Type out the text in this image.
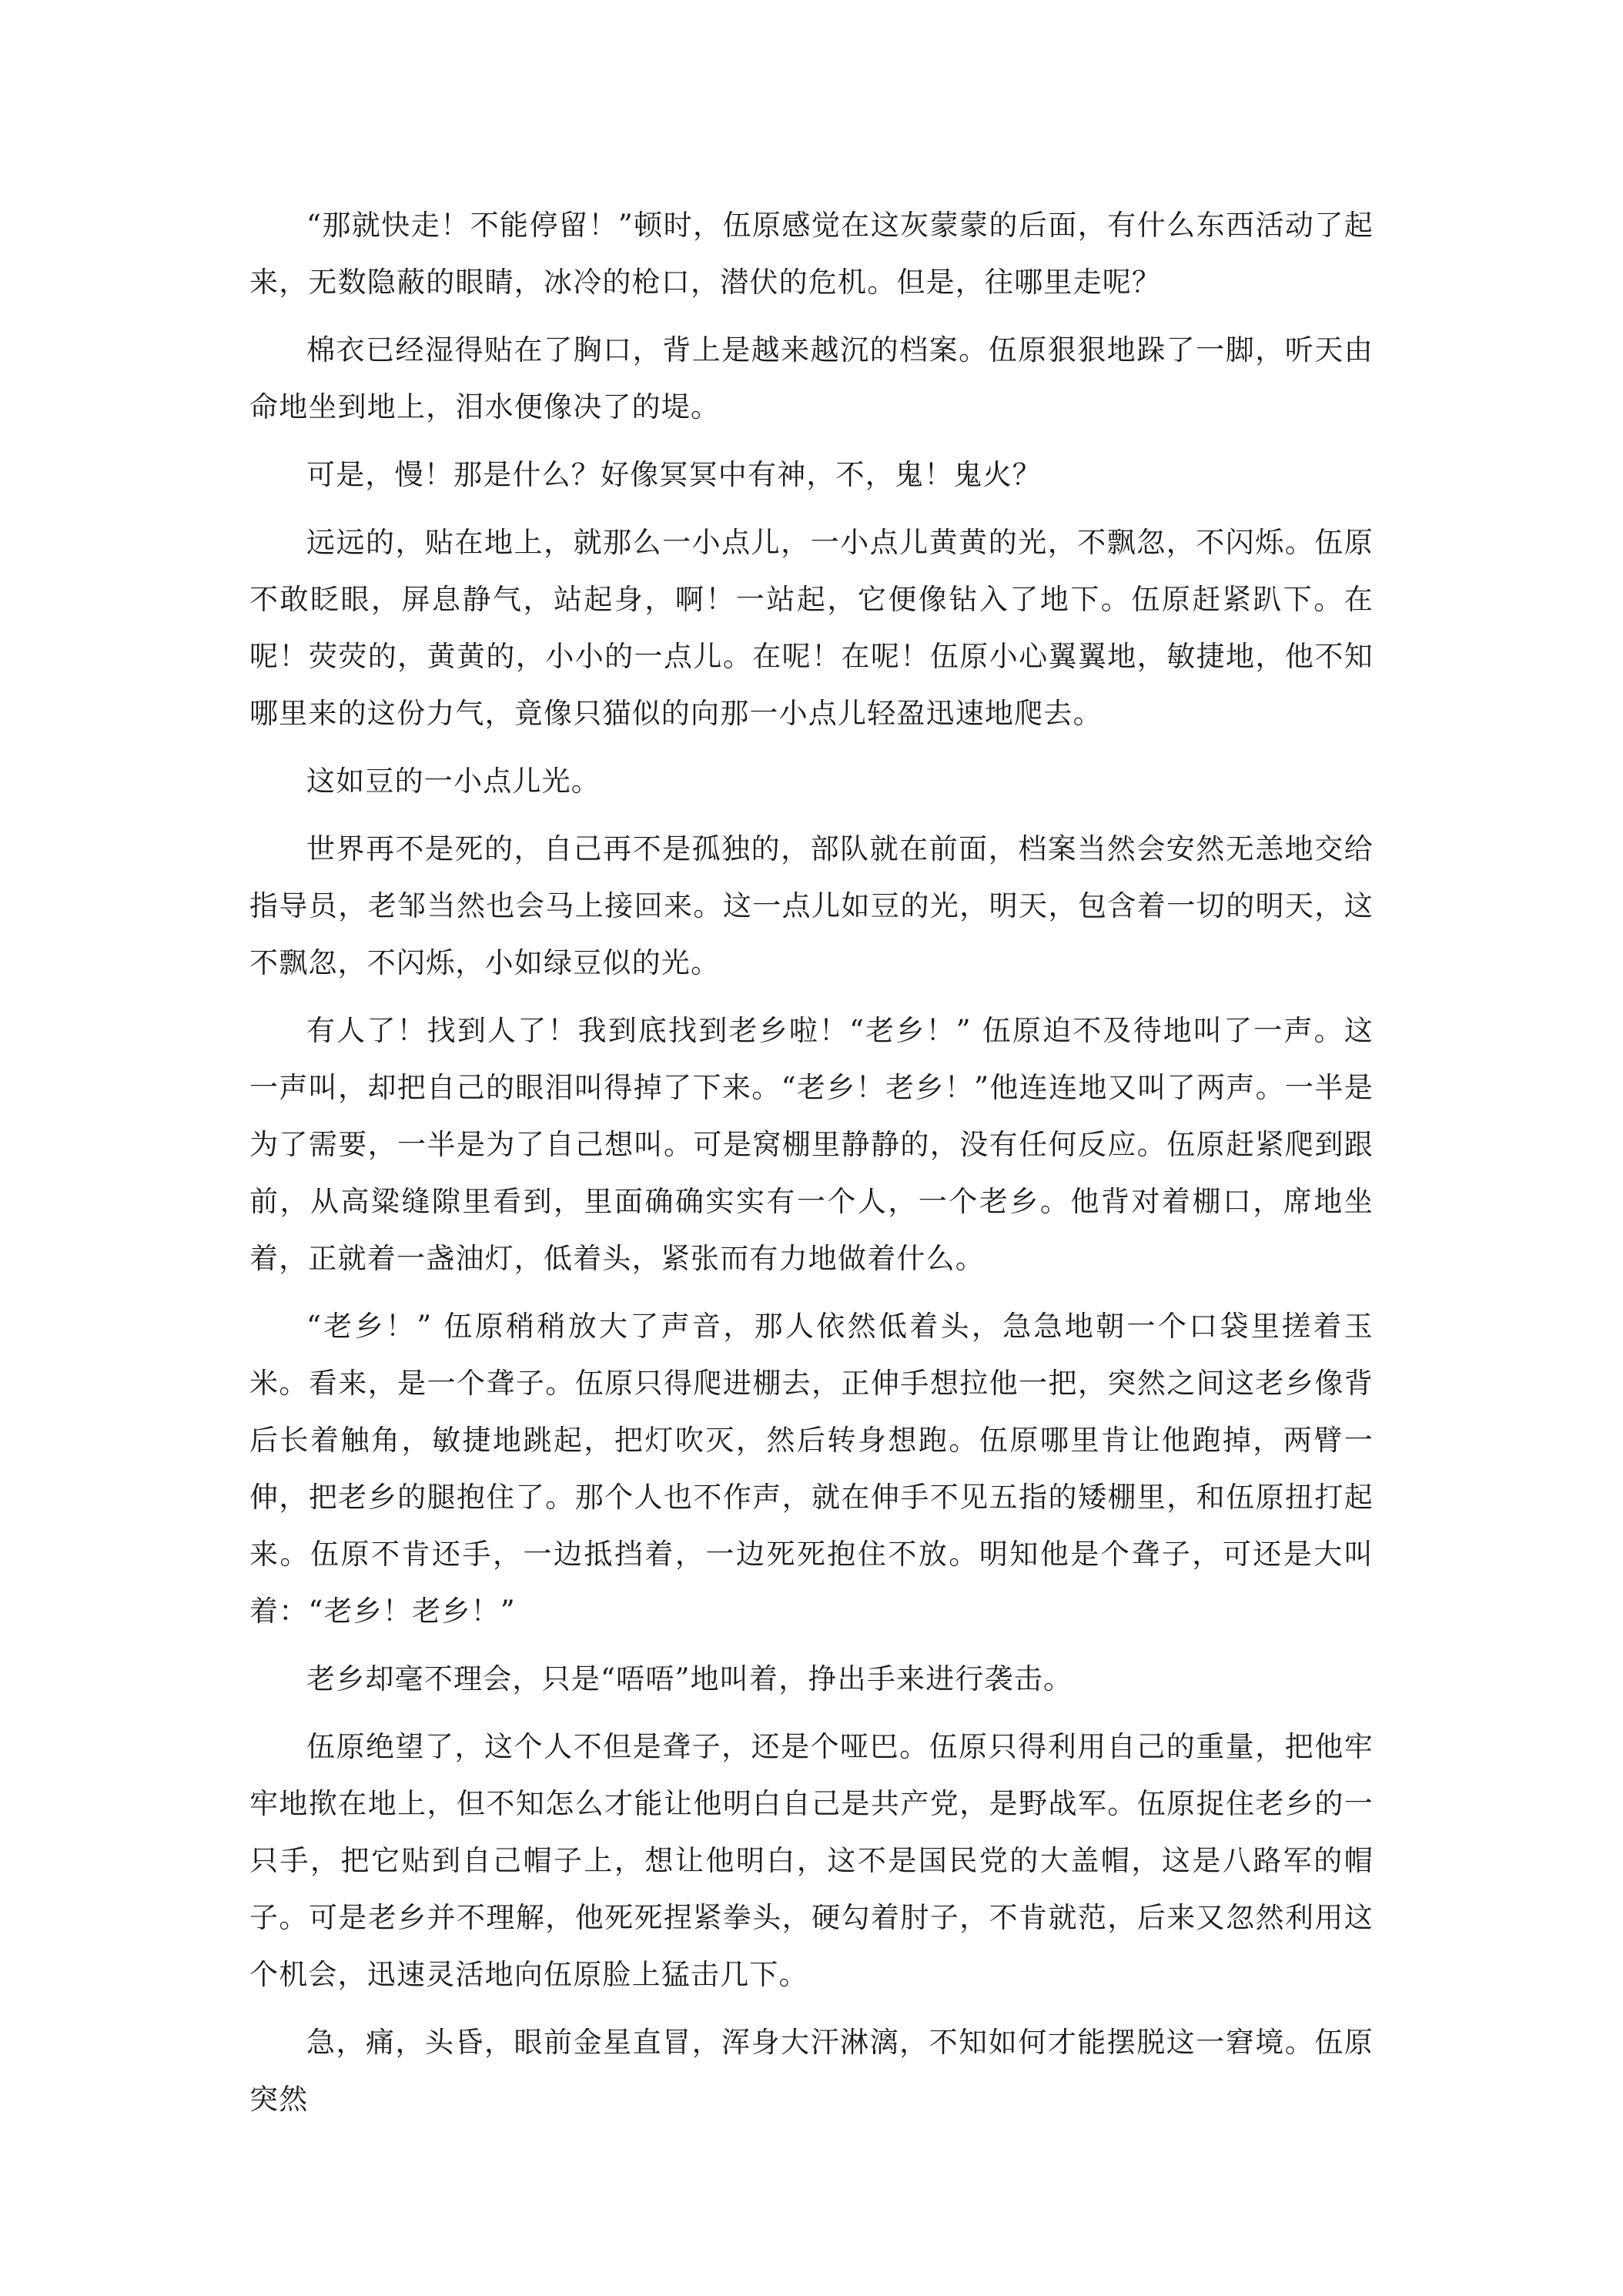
“那就快走！不能停留！”顿时，伍原感觉在这灰蒙蒙的后面，有什么东西活动了起来，无数隐蔽的眼睛，冰冷的枪口，潜伏的危机。但是，往哪里走呢？

棉衣已经湿得贴在了胸口，背上是越来越沉的档案。伍原狠狠地跺了一脚，听天由命地坐到地上，泪水便像决了的堤。

可是，慢！那是什么？好像冥冥中有神，不，鬼！鬼火？

远远的，贴在地上，就那么一小点儿，一小点儿黄黄的光，不飘忽，不闪烁。伍原不敢眨眼，屏息静气，站起身，啊！一站起，它便像钻入了地下。伍原赶紧趴下。在呢！荧荧的，黄黄的，小小的一点儿。在呢！在呢！伍原小心翼翼地，敏捷地，他不知哪里来的这份力气，竟像只猫似的向那一小点儿轻盈迅速地爬去。

这如豆的一小点儿光。

世界再不是死的，自己再不是孤独的，部队就在前面，档案当然会安然无恙地交给指导员，老邹当然也会马上接回来。这一点儿如豆的光，明天，包含着一切的明天，这不飘忽，不闪烁，小如绿豆似的光。

有人了！找到人了！我到底找到老乡啦！“老乡！” 伍原迫不及待地叫了一声。这一声叫，却把自己的眼泪叫得掉了下来。“老乡！老乡！”他连连地又叫了两声。一半是为了需要，一半是为了自己想叫。可是窝棚里静静的，没有任何反应。伍原赶紧爬到跟前，从高粱缝隙里看到，里面确确实实有一个人，一个老乡。他背对着棚口，席地坐着，正就着一盏油灯，低着头，紧张而有力地做着什么。

“老乡！” 伍原稍稍放大了声音，那人依然低着头，急急地朝一个口袋里搓着玉米。看来，是一个聋子。伍原只得爬进棚去，正伸手想拉他一把，突然之间这老乡像背后长着触角，敏捷地跳起，把灯吹灭，然后转身想跑。伍原哪里肯让他跑掉，两臂一伸，把老乡的腿抱住了。那个人也不作声，就在伸手不见五指的矮棚里，和伍原扭打起来。伍原不肯还手，一边抵挡着，一边死死抱住不放。明知他是个聋子，可还是大叫着：“老乡！老乡！”

老乡却毫不理会，只是“唔唔”地叫着，挣出手来进行袭击。

伍原绝望了，这个人不但是聋子，还是个哑巴。伍原只得利用自己的重量，把他牢牢地揿在地上，但不知怎么才能让他明白自己是共产党，是野战军。伍原捉住老乡的一只手，把它贴到自己帽子上，想让他明白，这不是国民党的大盖帽，这是八路军的帽子。可是老乡并不理解，他死死捏紧拳头，硬勾着肘子，不肯就范，后来又忽然利用这个机会，迅速灵活地向伍原脸上猛击几下。

急，痛，头昏，眼前金星直冒，浑身大汗淋漓，不知如何才能摆脱这一窘境。伍原突然
